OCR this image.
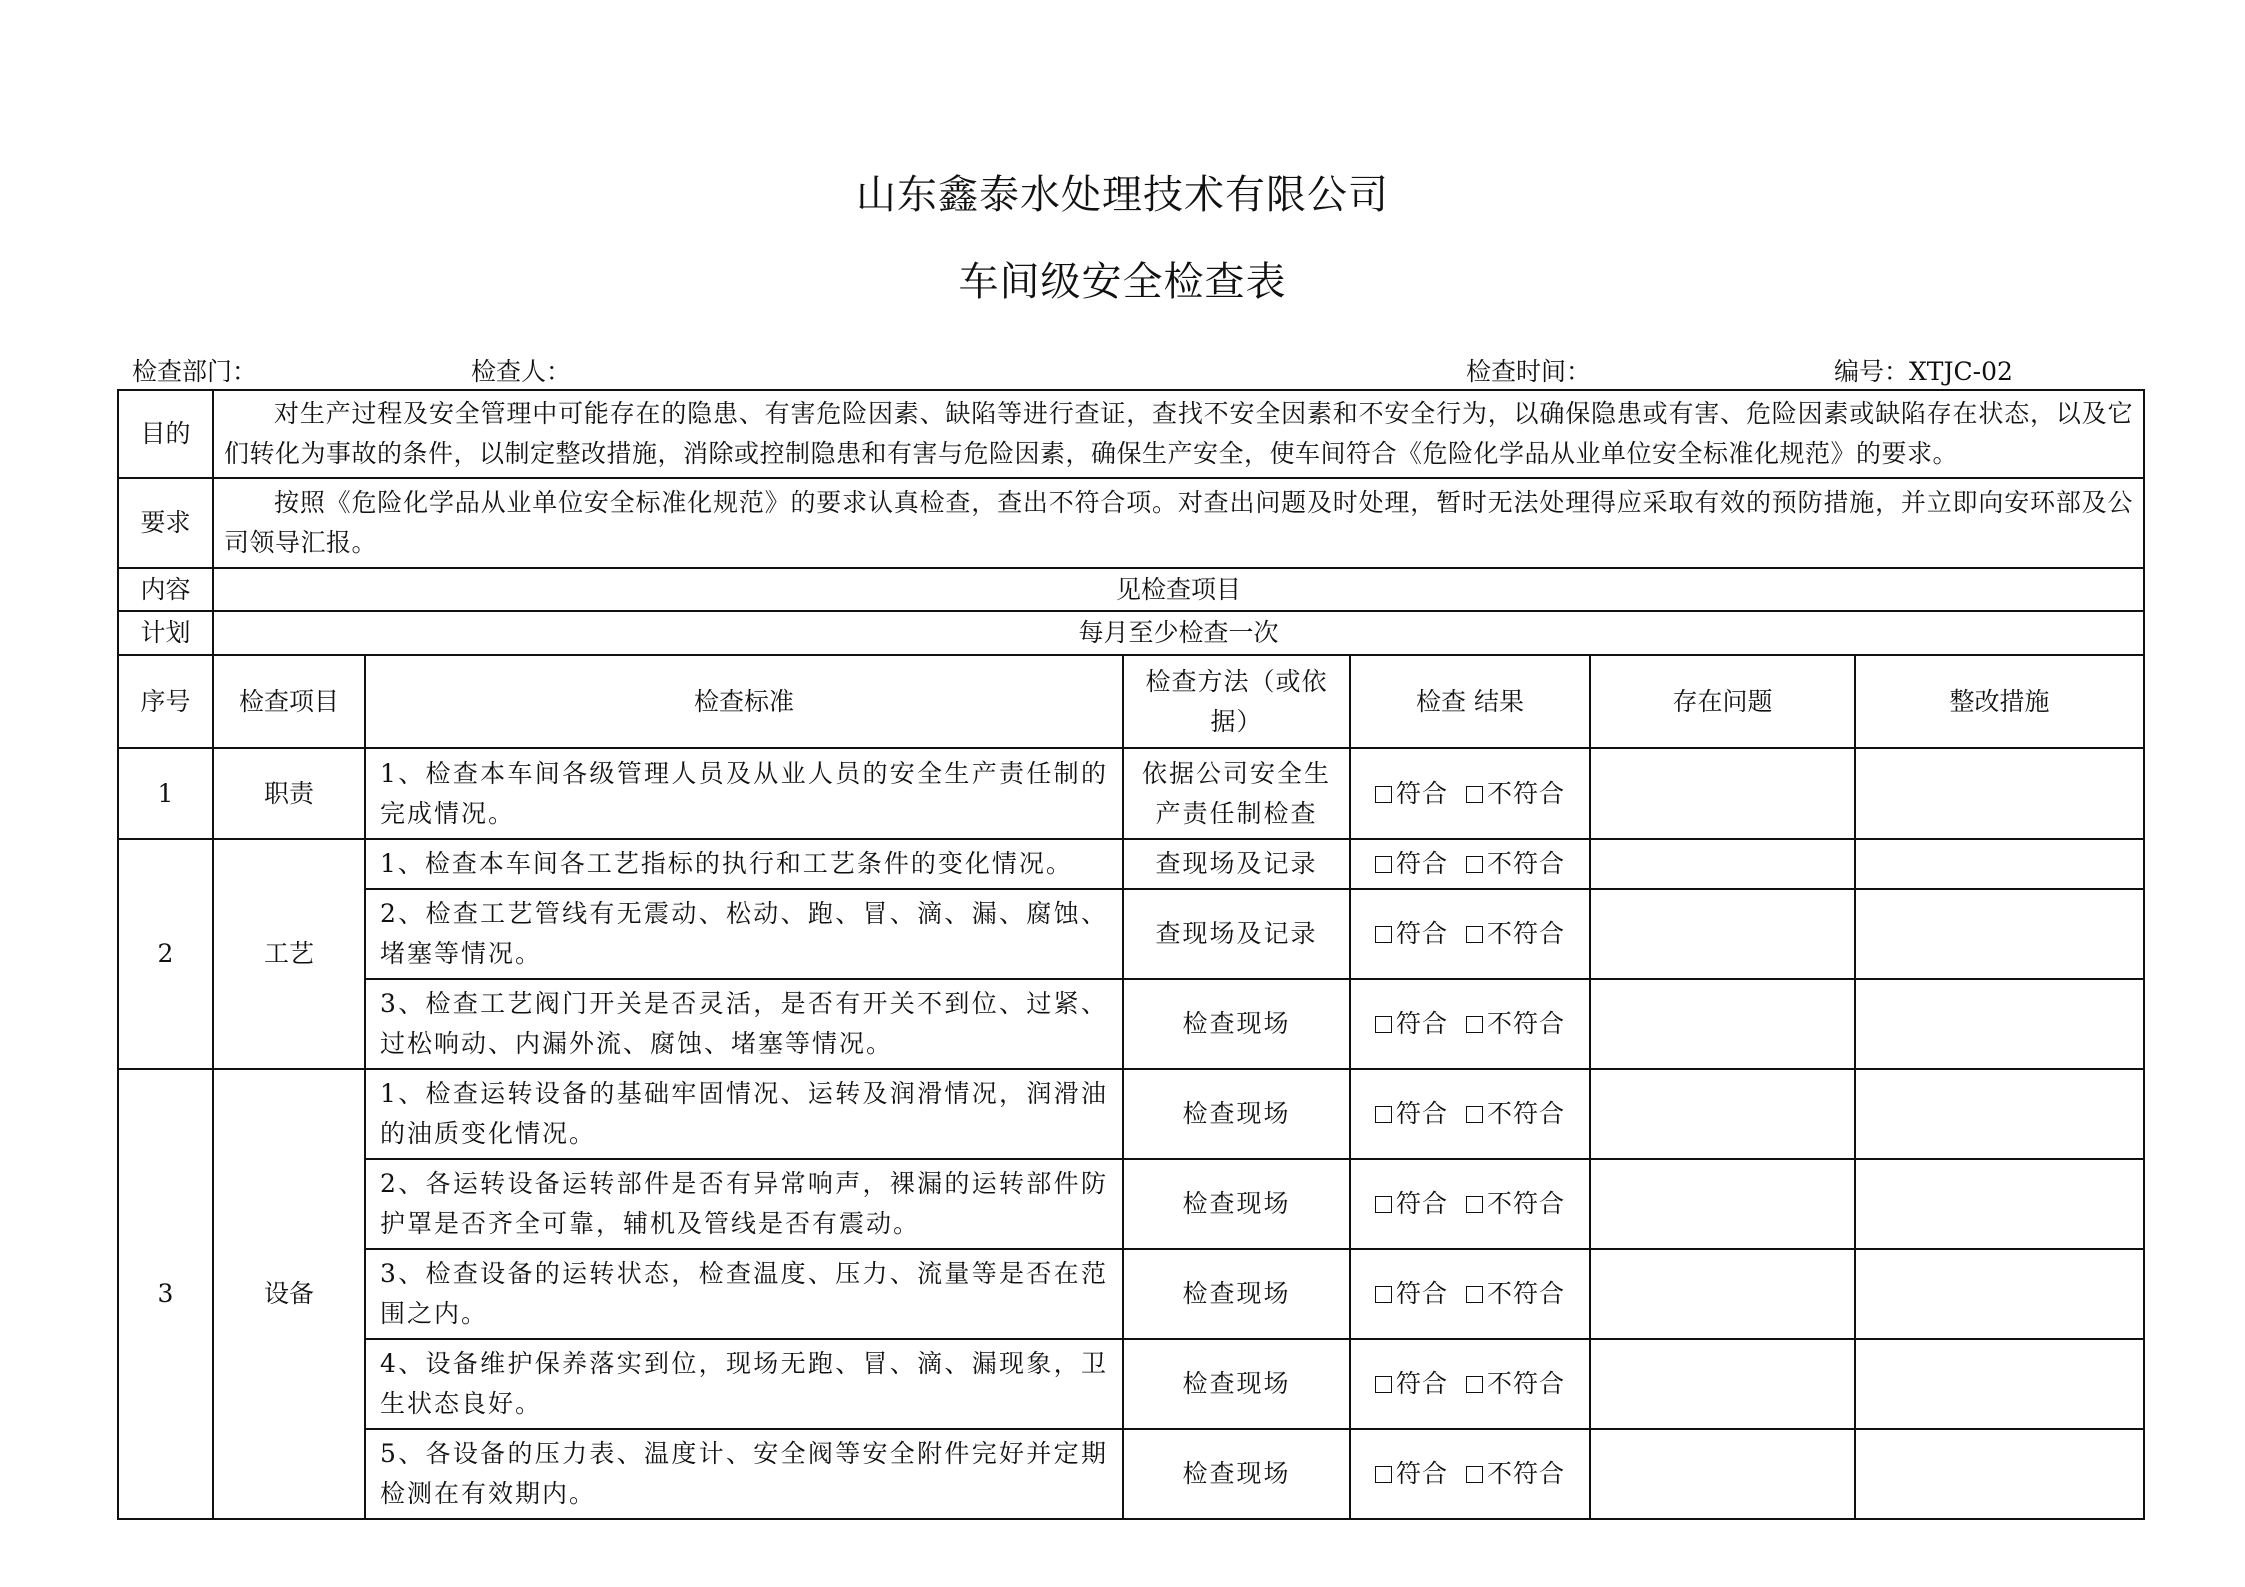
山东鑫泰水处理技术有限公司
车间级安全检查表
检查部门：	检查人：	检查时间：	编号：XTJC-02
目的	对生产过程及安全管理中可能存在的隐患、有害危险因素、缺陷等进行查证，查找不安全因素和不安全行为，以确保隐患或有害、危险因素或缺陷存在状态，以及它们转化为事故的条件，以制定整改措施，消除或控制隐患和有害与危险因素，确保生产安全，使车间符合《危险化学品从业单位安全标准化规范》的要求。					
要求	按照《危险化学品从业单位安全标准化规范》的要求认真检查，查出不符合项。对查出问题及时处理，暂时无法处理得应采取有效的预防措施，并立即向安环部及公司领导汇报。					
内容	见检查项目					
计划	每月至少检查一次					
序号	检查项目	检查标准	检查方法（或依据）	检查 结果	存在问题	整改措施
1	职责	1、检查本车间各级管理人员及从业人员的安全生产责任制的完成情况。	依据公司安全生产责任制检查	符合 不符合		
2	工艺	1、检查本车间各工艺指标的执行和工艺条件的变化情况。	查现场及记录	符合 不符合		
		2、检查工艺管线有无震动、松动、跑、冒、滴、漏、腐蚀、堵塞等情况。	查现场及记录	符合 不符合		
		3、检查工艺阀门开关是否灵活，是否有开关不到位、过紧、过松响动、内漏外流、腐蚀、堵塞等情况。	检查现场	符合 不符合		
3	设备	1、检查运转设备的基础牢固情况、运转及润滑情况，润滑油的油质变化情况。	检查现场	符合 不符合		
		2、各运转设备运转部件是否有异常响声，裸漏的运转部件防护罩是否齐全可靠，辅机及管线是否有震动。	检查现场	符合 不符合		
		3、检查设备的运转状态，检查温度、压力、流量等是否在范围之内。	检查现场	符合 不符合		
		4、设备维护保养落实到位，现场无跑、冒、滴、漏现象，卫生状态良好。	检查现场	符合 不符合		
		5、各设备的压力表、温度计、安全阀等安全附件完好并定期检测在有效期内。	检查现场	符合 不符合		
